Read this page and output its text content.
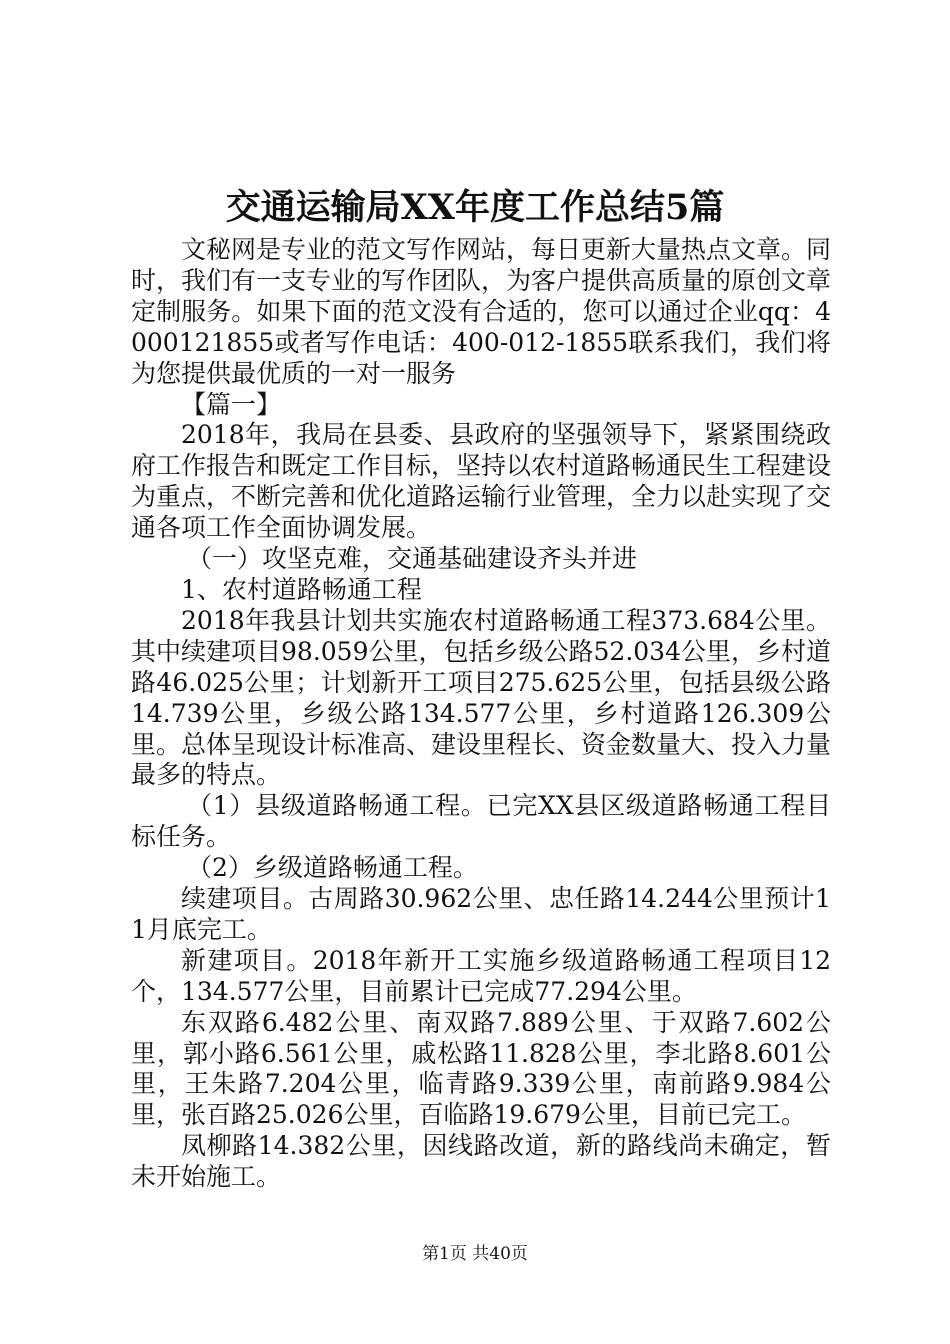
交通运输局XX年度工作总结5篇

文秘网是专业的范文写作网站，每日更新大量热点文章。同时，我们有一支专业的写作团队，为客户提供高质量的原创文章定制服务。如果下面的范文没有合适的，您可以通过企业qq：4000121855或者写作电话：400-012-1855联系我们，我们将为您提供最优质的一对一服务

【篇一】

2018年，我局在县委、县政府的坚强领导下，紧紧围绕政府工作报告和既定工作目标，坚持以农村道路畅通民生工程建设为重点，不断完善和优化道路运输行业管理，全力以赴实现了交通各项工作全面协调发展。

（一）攻坚克难，交通基础建设齐头并进

1、农村道路畅通工程

2018年我县计划共实施农村道路畅通工程373.684公里。其中续建项目98.059公里，包括乡级公路52.034公里，乡村道路46.025公里；计划新开工项目275.625公里，包括县级公路14.739公里，乡级公路134.577公里，乡村道路126.309公里。总体呈现设计标准高、建设里程长、资金数量大、投入力量最多的特点。

（1）县级道路畅通工程。已完XX县区级道路畅通工程目标任务。

（2）乡级道路畅通工程。

续建项目。古周路30.962公里、忠任路14.244公里预计11月底完工。

新建项目。2018年新开工实施乡级道路畅通工程项目12个，134.577公里，目前累计已完成77.294公里。

东双路6.482公里、南双路7.889公里、于双路7.602公里，郭小路6.561公里，戚松路11.828公里，李北路8.601公里，王朱路7.204公里，临青路9.339公里，南前路9.984公里，张百路25.026公里，百临路19.679公里，目前已完工。

凤柳路14.382公里，因线路改道，新的路线尚未确定，暂未开始施工。

第1页 共40页
